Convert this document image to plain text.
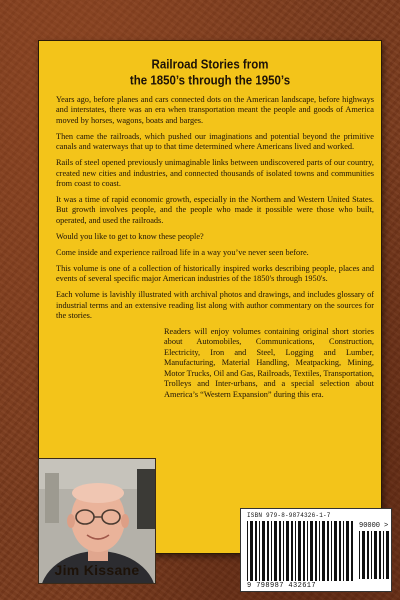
Railroad Stories from
the 1850’s through the 1950’s

Years ago, before planes and cars connected dots on the American landscape, before highways and interstates, there was an era when transportation meant the people and goods of America moved by horses, wagons, boats and barges.

Then came the railroads, which pushed our imaginations and potential beyond the primitive canals and waterways that up to that time determined where Americans lived and worked.

Rails of steel opened previously unimaginable links between undiscovered parts of our country, created new cities and industries, and connected thousands of isolated towns and communities from coast to coast.

It was a time of rapid economic growth, especially in the Northern and Western United States. But growth involves people, and the people who made it possible were those who built, operated, and used the railroads.

Would you like to get to know these people?

Come inside and experience railroad life in a way you’ve never seen before.

This volume is one of a collection of historically inspired works describing people, places and events of several specific major American industries of the 1850's through 1950's.

Each volume is lavishly illustrated with archival photos and drawings, and includes glossary of industrial terms and an extensive reading list along with author commentary on the sources for the stories.

Readers will enjoy volumes containing original short stories about Automobiles, Communications, Construction, Electricity, Iron and Steel, Logging and Lumber, Manufacturing, Material Handling, Meatpacking, Mining, Motor Trucks, Oil and Gas, Railroads, Textiles, Transportation, Trolleys and Inter-urbans, and a special selection about America’s “Western Expansion” during this era.

Jim Kissane
ISBN 979-8-9874326-1-7
90000 >
9 798987 432617
